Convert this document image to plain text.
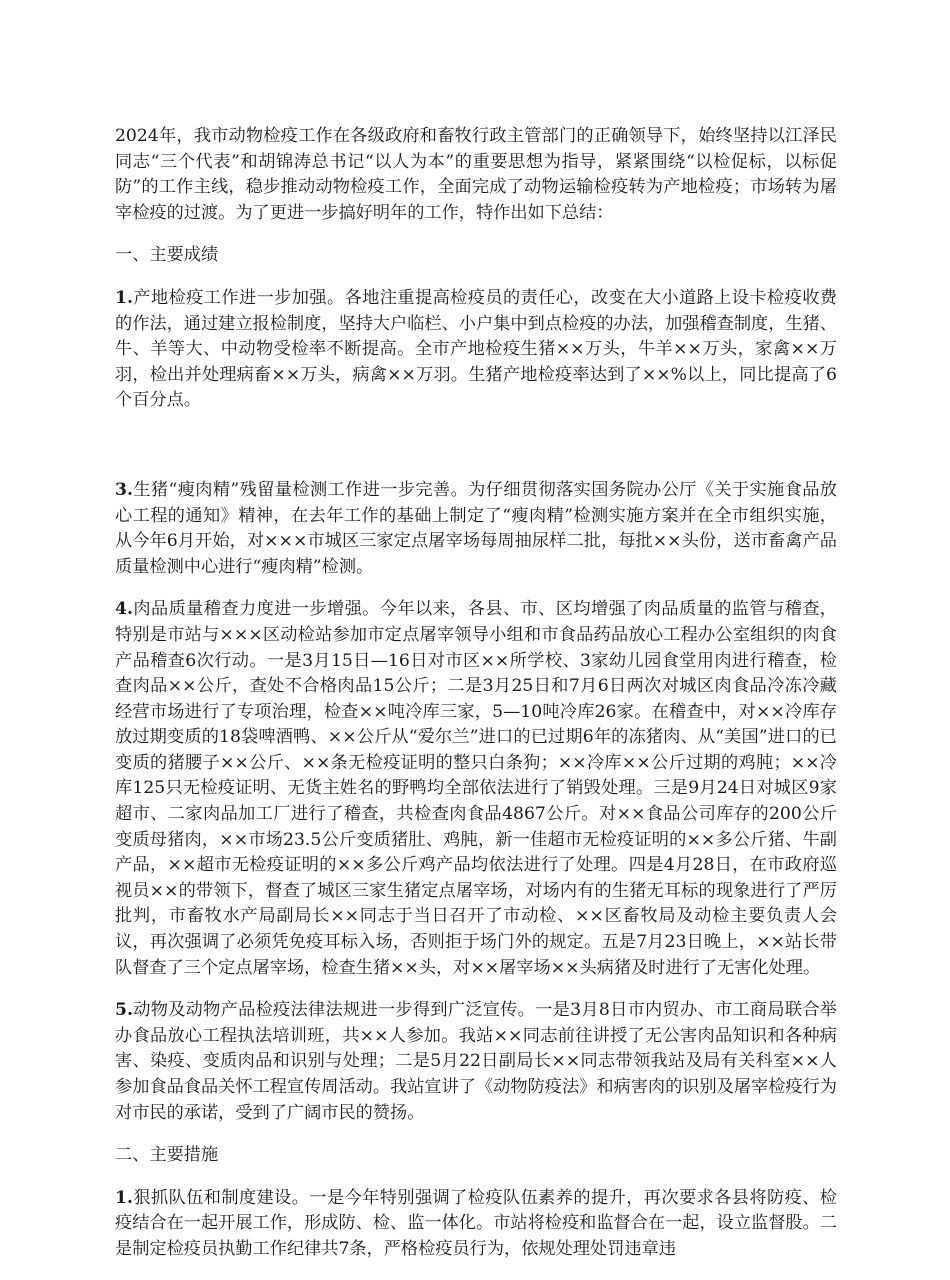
2024年，我市动物检疫工作在各级政府和畜牧行政主管部门的正确领导下，始终坚持以江泽民同志“三个代表”和胡锦涛总书记“以人为本”的重要思想为指导，紧紧围绕“以检促标，以标促防”的工作主线，稳步推动动物检疫工作，全面完成了动物运输检疫转为产地检疫；市场转为屠宰检疫的过渡。为了更进一步搞好明年的工作，特作出如下总结：

一、主要成绩

1.产地检疫工作进一步加强。各地注重提高检疫员的责任心，改变在大小道路上设卡检疫收费的作法，通过建立报检制度，坚持大户临栏、小户集中到点检疫的办法，加强稽查制度，生猪、牛、羊等大、中动物受检率不断提高。全市产地检疫生猪××万头，牛羊××万头，家禽××万羽，检出并处理病畜××万头，病禽××万羽。生猪产地检疫率达到了××%以上，同比提高了6个百分点。

3.生猪“瘦肉精”残留量检测工作进一步完善。为仔细贯彻落实国务院办公厅《关于实施食品放心工程的通知》精神，在去年工作的基础上制定了“瘦肉精”检测实施方案并在全市组织实施，从今年6月开始，对×××市城区三家定点屠宰场每周抽尿样二批，每批××头份，送市畜禽产品质量检测中心进行“瘦肉精”检测。

4.肉品质量稽查力度进一步增强。今年以来，各县、市、区均增强了肉品质量的监管与稽查，特别是市站与×××区动检站参加市定点屠宰领导小组和市食品药品放心工程办公室组织的肉食产品稽查6次行动。一是3月15日—16日对市区××所学校、3家幼儿园食堂用肉进行稽查，检查肉品××公斤，查处不合格肉品15公斤；二是3月25日和7月6日两次对城区肉食品冷冻冷藏经营市场进行了专项治理，检查××吨冷库三家，5—10吨冷库26家。在稽查中，对××冷库存放过期变质的18袋啤酒鸭、××公斤从“爱尔兰”进口的已过期6年的冻猪肉、从“美国”进口的已变质的猪腰子××公斤、××条无检疫证明的整只白条狗；××冷库××公斤过期的鸡肫；××冷库125只无检疫证明、无货主姓名的野鸭均全部依法进行了销毁处理。三是9月24日对城区9家超市、二家肉品加工厂进行了稽查，共检查肉食品4867公斤。对××食品公司库存的200公斤变质母猪肉，××市场23.5公斤变质猪肚、鸡肫，新一佳超市无检疫证明的××多公斤猪、牛副产品，××超市无检疫证明的××多公斤鸡产品均依法进行了处理。四是4月28日，在市政府巡视员××的带领下，督查了城区三家生猪定点屠宰场，对场内有的生猪无耳标的现象进行了严厉批判，市畜牧水产局副局长××同志于当日召开了市动检、××区畜牧局及动检主要负责人会议，再次强调了必须凭免疫耳标入场，否则拒于场门外的规定。五是7月23日晚上，××站长带队督查了三个定点屠宰场，检查生猪××头，对××屠宰场××头病猪及时进行了无害化处理。

5.动物及动物产品检疫法律法规进一步得到广泛宣传。一是3月8日市内贸办、市工商局联合举办食品放心工程执法培训班，共××人参加。我站××同志前往讲授了无公害肉品知识和各种病害、染疫、变质肉品和识别与处理；二是5月22日副局长××同志带领我站及局有关科室××人参加食品食品关怀工程宣传周活动。我站宣讲了《动物防疫法》和病害肉的识别及屠宰检疫行为对市民的承诺，受到了广阔市民的赞扬。

二、主要措施

1.狠抓队伍和制度建设。一是今年特别强调了检疫队伍素养的提升，再次要求各县将防疫、检疫结合在一起开展工作，形成防、检、监一体化。市站将检疫和监督合在一起，设立监督股。二是制定检疫员执勤工作纪律共7条，严格检疫员行为，依规处理处罚违章违
